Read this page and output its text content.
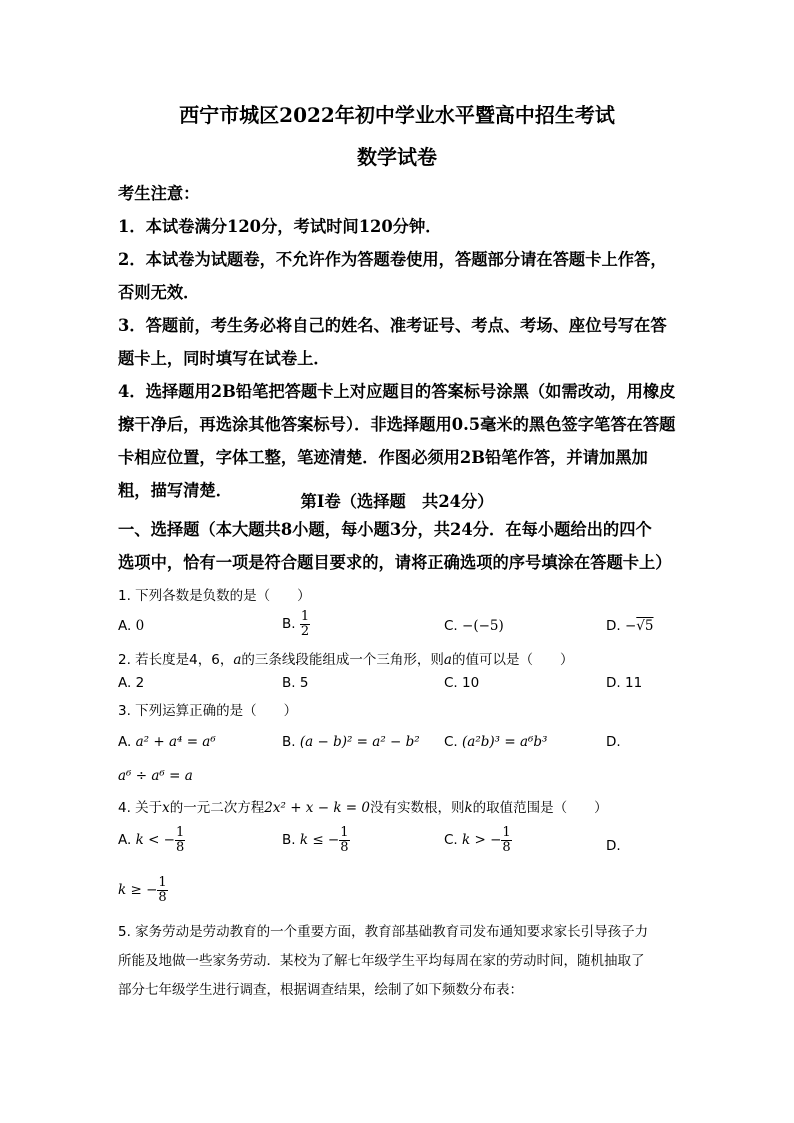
西宁市城区2022年初中学业水平暨高中招生考试
数学试卷
考生注意：
1．本试卷满分120分，考试时间120分钟．
2．本试卷为试题卷，不允许作为答题卷使用，答题部分请在答题卡上作答，
否则无效．
3．答题前，考生务必将自己的姓名、准考证号、考点、考场、座位号写在答
题卡上，同时填写在试卷上．
4．选择题用2B铅笔把答题卡上对应题目的答案标号涂黑（如需改动，用橡皮
擦干净后，再选涂其他答案标号）．非选择题用0.5毫米的黑色签字笔答在答题
卡相应位置，字体工整，笔迹清楚．作图必须用2B铅笔作答，并请加黑加
粗，描写清楚．
第Ⅰ卷（选择题　共24分）
一、选择题（本大题共8小题，每小题3分，共24分．在每小题给出的四个
选项中，恰有一项是符合题目要求的，请将正确选项的序号填涂在答题卡上）
1. 下列各数是负数的是（　　）
A. 0	B. $\frac{1}{2}$	C. −(−5)	D. −√5
2. 若长度是4，6，a的三条线段能组成一个三角形，则a的值可以是（　　）
A. 2	B. 5	C. 10	D. 11
3. 下列运算正确的是（　　）
A. a² + a⁴ = a⁶	B. (a − b)² = a² − b² C. (a²b)³ = a⁶b³	D.
a⁶ ÷ a⁶ = a
4. 关于x的一元二次方程2x² + x − k = 0没有实数根，则k的取值范围是（　　）
A. k < − $\frac{1}{8}$	B. k ≤ − $\frac{1}{8}$	C. k > − $\frac{1}{8}$	D.
k ≥ − $\frac{1}{8}$
5. 家务劳动是劳动教育的一个重要方面，教育部基础教育司发布通知要求家长引导孩子力
所能及地做一些家务劳动．某校为了解七年级学生平均每周在家的劳动时间，随机抽取了
部分七年级学生进行调查，根据调查结果，绘制了如下频数分布表：
